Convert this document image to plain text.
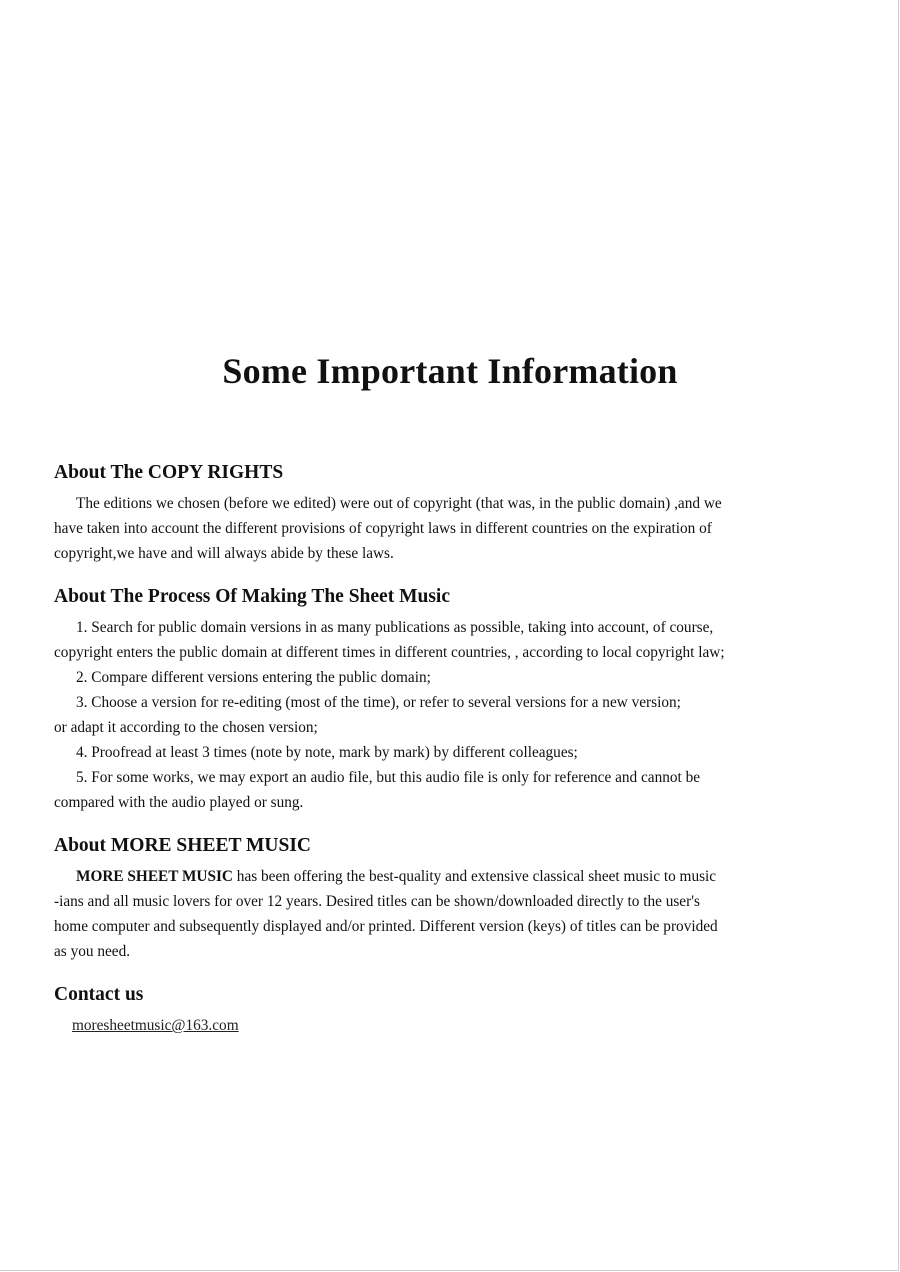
Some Important Information
About The COPY RIGHTS
The editions we chosen (before we edited) were out of copyright (that was, in the public domain) ,and we
have taken into account the different provisions of copyright laws in different countries on the expiration of
copyright,we have and will always abide by these laws.
About The Process Of Making The Sheet Music
1. Search for public domain versions in as many publications as possible, taking into account, of course,
copyright enters the public domain at different times in different countries, , according to local copyright law;
2. Compare different versions entering the public domain;
3. Choose a version for re-editing (most of the time), or refer to several versions for a new version;
or adapt it according to the chosen version;
4. Proofread at least 3 times (note by note, mark by mark) by different colleagues;
5. For some works, we may export an audio file, but this audio file is only for reference and cannot be
compared with the audio played or sung.
About MORE SHEET MUSIC
MORE SHEET MUSIC has been offering the best-quality and extensive classical sheet music to music
-ians and all music lovers for over 12 years. Desired titles can be shown/downloaded directly to the user's
home computer and subsequently displayed and/or printed. Different version (keys) of titles can be provided
as you need.
Contact us
moresheetmusic@163.com
